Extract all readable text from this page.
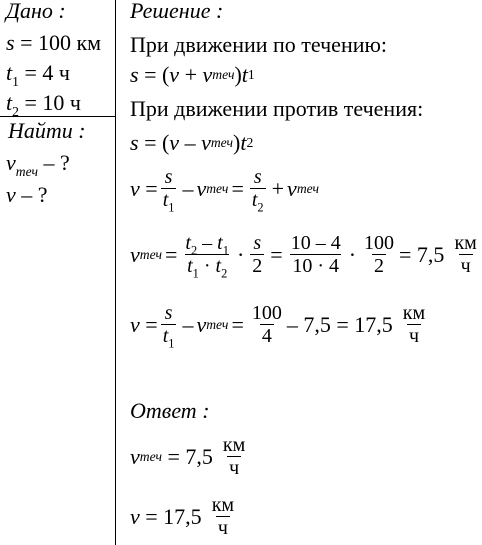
Дано :
s = 100 км
$t_1 = 4$ ч
$t_2 = 10$ ч
Найти :
$v_{теч}$ – ?
v – ?
Решение :
При движении по течению:
s = ( v + v теч ) t 1
При движении против течения:
s = ( v – v теч ) t 2
$v = \frac{s}{t_1} - v$ теч = $\frac{s}{t_2} + v$ теч
v теч = $\frac{t_2 - t_1}{t_1 \cdot t_2} \cdot \frac{s}{2} = \frac{10 - 4}{10 \cdot 4} \cdot \frac{100}{2} = 7,5 \frac{км}{ч}$
$v = \frac{s}{t_1} - v$ теч = $\frac{100}{4} - 7,5 = 17,5 \frac{км}{ч}$
Ответ :
v теч
= $7,5 \frac{км}{ч}$
$v = 17,5 \frac{км}{ч}$
